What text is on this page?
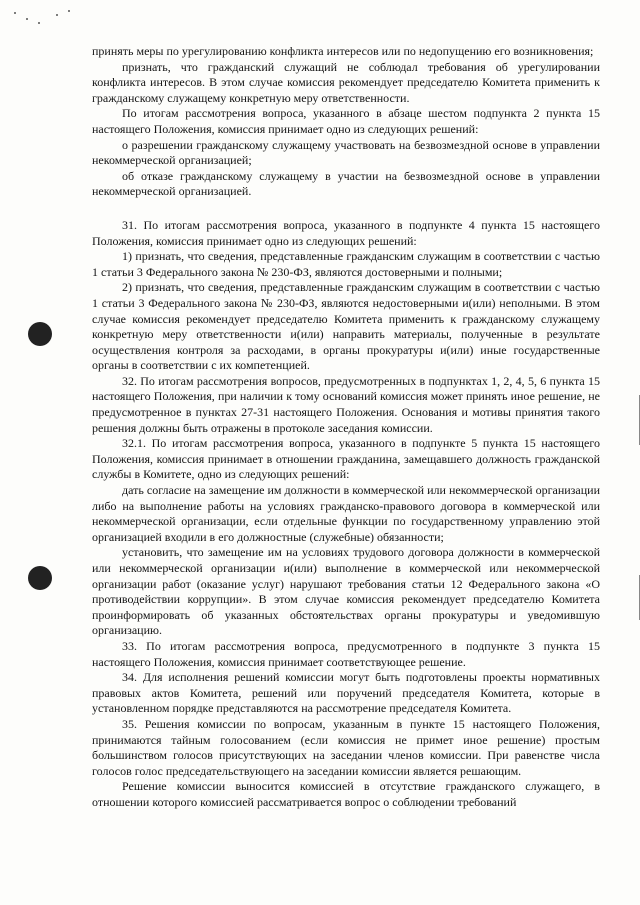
принять меры по урегулированию конфликта интересов или по недопущению его возникновения;

признать, что гражданский служащий не соблюдал требования об урегулировании конфликта интересов. В этом случае комиссия рекомендует председателю Комитета применить к гражданскому служащему конкретную меру ответственности.

По итогам рассмотрения вопроса, указанного в абзаце шестом подпункта 2 пункта 15 настоящего Положения, комиссия принимает одно из следующих решений:

о разрешении гражданскому служащему участвовать на безвозмездной основе в управлении некоммерческой организацией;

об отказе гражданскому служащему в участии на безвозмездной основе в управлении некоммерческой организацией.

31. По итогам рассмотрения вопроса, указанного в подпункте 4 пункта 15 настоящего Положения, комиссия принимает одно из следующих решений:

1) признать, что сведения, представленные гражданским служащим в соответствии с частью 1 статьи 3 Федерального закона № 230-ФЗ, являются достоверными и полными;

2) признать, что сведения, представленные гражданским служащим в соответствии с частью 1 статьи 3 Федерального закона № 230-ФЗ, являются недостоверными и(или) неполными. В этом случае комиссия рекомендует председателю Комитета применить к гражданскому служащему конкретную меру ответственности и(или) направить материалы, полученные в результате осуществления контроля за расходами, в органы прокуратуры и(или) иные государственные органы в соответствии с их компетенцией.

32. По итогам рассмотрения вопросов, предусмотренных в подпунктах 1, 2, 4, 5, 6 пункта 15 настоящего Положения, при наличии к тому оснований комиссия может принять иное решение, не предусмотренное в пунктах 27-31 настоящего Положения. Основания и мотивы принятия такого решения должны быть отражены в протоколе заседания комиссии.

32.1. По итогам рассмотрения вопроса, указанного в подпункте 5 пункта 15 настоящего Положения, комиссия принимает в отношении гражданина, замещавшего должность гражданской службы в Комитете, одно из следующих решений:

дать согласие на замещение им должности в коммерческой или некоммерческой организации либо на выполнение работы на условиях гражданско-правового договора в коммерческой или некоммерческой организации, если отдельные функции по государственному управлению этой организацией входили в его должностные (служебные) обязанности;

установить, что замещение им на условиях трудового договора должности в коммерческой или некоммерческой организации и(или) выполнение в коммерческой или некоммерческой организации работ (оказание услуг) нарушают требования статьи 12 Федерального закона «О противодействии коррупции». В этом случае комиссия рекомендует председателю Комитета проинформировать об указанных обстоятельствах органы прокуратуры и уведомившую организацию.

33. По итогам рассмотрения вопроса, предусмотренного в подпункте 3 пункта 15 настоящего Положения, комиссия принимает соответствующее решение.

34. Для исполнения решений комиссии могут быть подготовлены проекты нормативных правовых актов Комитета, решений или поручений председателя Комитета, которые в установленном порядке представляются на рассмотрение председателя Комитета.

35. Решения комиссии по вопросам, указанным в пункте 15 настоящего Положения, принимаются тайным голосованием (если комиссия не примет иное решение) простым большинством голосов присутствующих на заседании членов комиссии. При равенстве числа голосов голос председательствующего на заседании комиссии является решающим.

Решение комиссии выносится комиссией в отсутствие гражданского служащего, в отношении которого комиссией рассматривается вопрос о соблюдении требований
